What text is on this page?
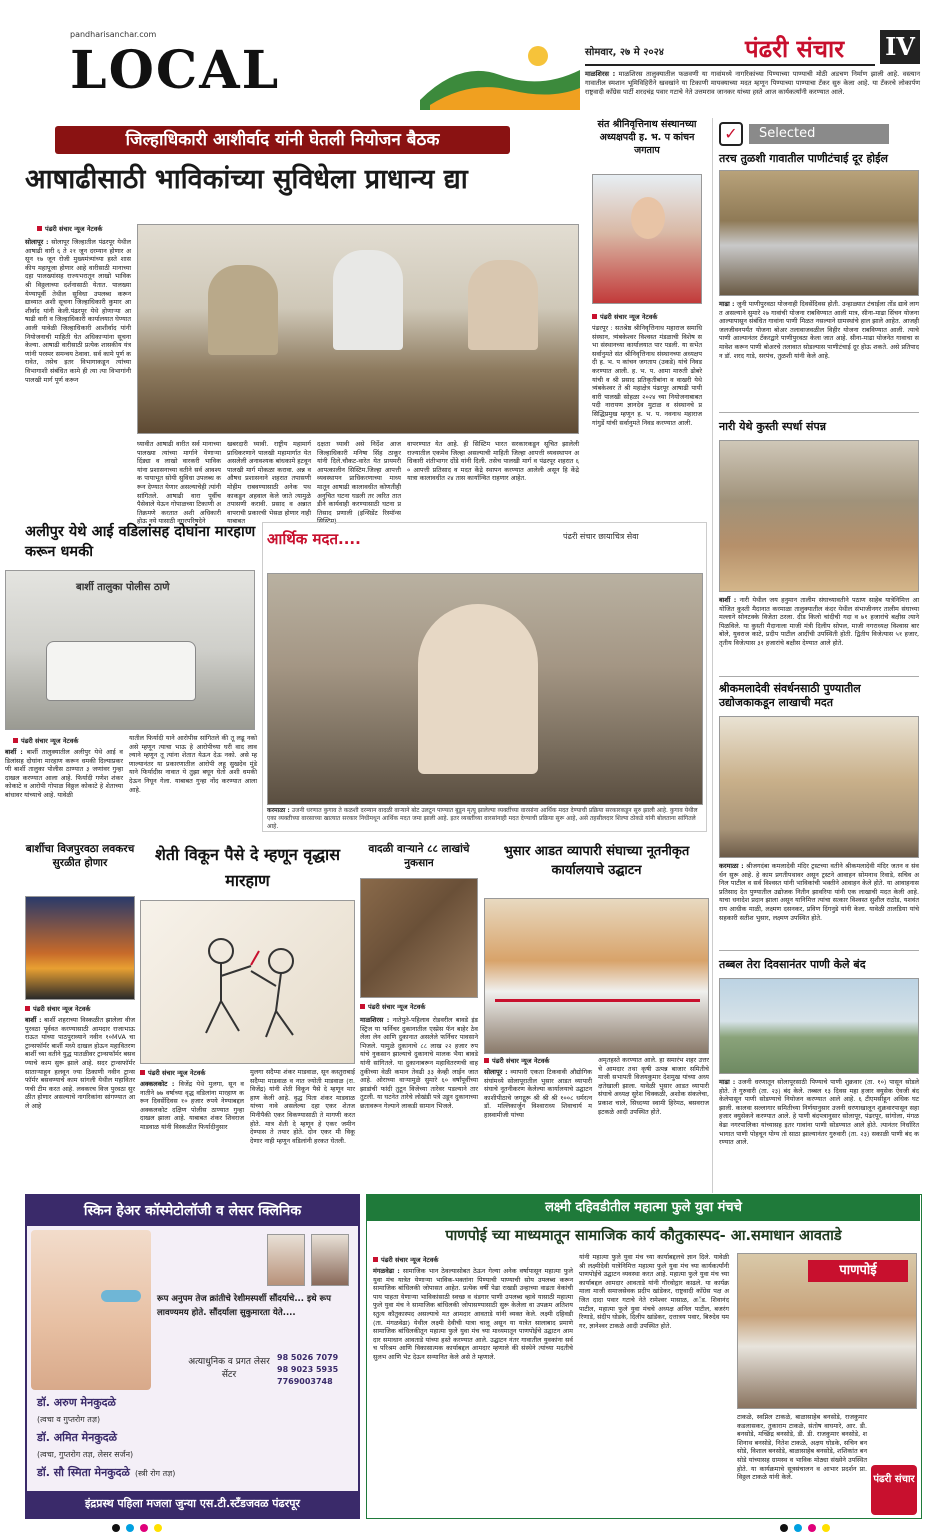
pandharisanchar.com
LOCAL	सोमवार, २७ मे २०२४	पंढरी संचार IV
माळशिरस : माळशिरस तालुक्यातील फळवणी या गावांमध्ये नागरिकांच्या पिण्याच्या पाण्याची मोठी अडचण निर्माण झाली आहे. वस्त्यान गावातील स्मशान भूमिविहिरीने खवखांने या टिकाणी मायक्याच्या मदत म्हणून पिण्याच्या पाण्याचा टँकर सुरु केला आहे. या टँकरचे लोकार्पण राष्ट्रवादी कॉंग्रेस पार्टी शरदचंद्र पवार गटाचे नेते उत्तमराव जानकर यांच्या हस्ते आज कार्यकर्त्यांनी करण्यात आले.
जिल्हाधिकारी आशीर्वाद यांनी घेतली नियोजन बैठक
आषाढीसाठी भाविकांच्या सुविधेला प्राधान्य द्या
पंढरी संचार न्यूज नेटवर्क
सोलापूर : सोलापूर जिल्हातील पंढरपूर येथील आषाढी वारी ६ ते २१ जून दरम्यान होणार असून १७ जून रोजी मुख्यमंत्र्यांच्या हस्ते शासकीय महापूजा होणार आहे वारीसाठी मानाच्या दहा पालख्यांसह राज्यभरातून लाखो भाविक श्री विठ्ठलाच्या दर्शनासाठी येतात. पालख्या येण्यापूर्वी तेथील सुविधा उपलब्ध करून द्याव्यात अशी सूचना जिल्हाधिकारी कुमार आशीर्वाद यांनी केली.पंढरपूर येथे होणाऱ्या आषाढी वारी व जिल्हाधिकारी कार्यालयात घेण्यात आली यावेळी जिल्हाधिकारी आशीर्वाद यांनी नियोजनाची माहिती घेत अधिकाऱ्यांना सूचना केल्या. आषाढी वारीसाठी प्रत्येक शासकीय यंत्रणांनी परस्पर समन्वय ठेवावा. सर्व कामे पूर्ण करावेत, तसेच इतर विभागाकडून त्यांच्या विभागाशी संबंधित कामे ही त्या त्या विभागांनी पालखी मार्ग पूर्ण करून
घ्यावीत आषाढी वारीत सर्व मानाच्या पालख्या त्यांच्या मार्गाने येणाऱ्या दिंड्या व लाखो वारकरी भाविक यांना प्रशासनाच्या वतीने सर्व आवश्यक पायाभूत सोयी सुविधा उपलब्ध करून देण्यात येणार असल्याचेही त्यांनी सांगितले. आषाढी वारा पूर्वीच पैसेवाले येऊन गोपाळच्या टिकाणी अतिक्रमणे करतात अशी अधिकारी होऊ नये यासाठी नगरपरिषदेने
खबरदारी घ्यावी. राष्ट्रीय महामार्ग प्राधिकरणाने पालखी महामार्गात येत असलेली अनावश्यक बांधकामे हटवून पालखी मार्ग मोकळा करावा. अन्न व औषध प्रशासनाने शहरात तपासणी मोहीम राबवण्यासाठी अनेक पथकाकडून अहवाल केले जाते त्यामुळे तपासणी करावी. प्रसाद व अन्नात वापराची प्रकारची भेसळ होणार नाही याबाबत
दक्षता घ्यावी असे निर्देश आज जिल्हाधिकारी मनिषा सिंह ठाकूर यांनी दिले.चौकट-वारेत येत प्रायमरी आपत्कालीन सिस्टिम.जिल्हा आपत्ती व्यवस्थापन प्राधिकरणाच्या माध्यमातून आषाढी कालावधीत कोणतीही अनुचित घटना घडली तर त्वरित तातडीने कार्यवाही करण्यासाठी घटना प्रतिसाद प्रणाली (इन्सिडेंट रिस्पॉन्स सिस्टिम)
वापरण्यात येत आहे. ही सिस्टिम भारत सरकारकडून सूचित झालेली राज्यातील एकमेव जिल्हा असल्याची माहिती जिल्हा आपत्ती व्यवस्थापन अधिकारी शंतीभागर दोंडे यांनी दिली. तसेच पालखी मार्ग व पंढरपूर शहरात ६० आपत्ती प्रतिसाद व मदत केंद्रे स्थापन करण्यात आलेली असून हि केंद्रे यात्रा कालावधीत २४ तास कार्यान्वित राहणार आहेत.
संत श्रीनिवृत्तिनाथ संस्थानच्या अध्यक्षपदी ह. भ. प कांचन जगताप
पंढरी संचार न्यूज नेटवर्क
पंढरपूर : सतश्रेष्ठ श्रीनिवृत्तिनाथ महाराज समाधि संस्थान, त्र्यंबकेश्वर विश्वस्त मंडळाची विशेष सभा संस्थानच्या कार्यालयात पार पडली. या सभेत सर्वानुमते संत श्रीनिवृत्तिनाथ संस्थानच्या अध्यक्षपदी ह. भ. प कांचन जगताप (उकडे) यांचे निवड करण्यात आली. ह. भ. प. आमा मारुती ढोबरे यांची व श्री प्रसाद प्रतिकृतीबांना व वाखरी येथे त्र्यंबकेश्वर ते श्री महाक्षेत्र पंढरपूर आषाढी पायी वारी पालखी सोहळा २०२४ च्या नियोजनाबाबत पदी नारायण ज्ञानदेव मुटाळ व संस्थानचे प्रसिद्धिप्रमुख म्हणून ह. भ. प. नवनाथ महाराज गांगुर्डे यांची सर्वानुमते निवड करण्यात आली.
✓	Selected
तरच तुळशी गावातील पाणीटंचाई दूर होईल
माढा : जुनी पाणीपुरवठा योजनाही दिवसेंदिवस होती. उन्हाळ्यात टंचाईला तोंड द्यावे लागत असल्याने सुमारे २७ गावांची योजना राबविण्यात आली मात्र, सीना-माढा सिंचन योजना आल्यापासून संबंधित गावांना पाणी मिळत नसल्याने ग्रामस्थांचे हाल झाले आहेत. आजही जलजीवनपर्यंत योजना बोअर तलावाजवळील विहीर योजना राबविण्यात आली. त्याचे पाणी आल्यानंतर टँकरद्वारे पाणीपुरवठा केला जात आहे. सीना-माढा योजनेत गावाचा समावेश करून पाणी बोअरचे तलावात सोडल्यास पाणीटंचाई दूर होऊ शकते. असे प्रतिपादन डॉ. शरद गाडे, सरपंच, तुळशी यांनी केले आहे.
नारी येथे कुस्ती स्पर्धा संपन्न
बार्शी : नारी येथील जय हनुमान तालीम संघाच्यावतीने पठाण साहेब यात्रेनिमित्त आयोजित कुस्ती मैदानात करमाळा तालुक्यातील कंदर येथील संभाजीनगर तालीम संघाच्या मल्लाने सोनटक्के विजेता ठरला. दीड किलो चांदीची गदा व ७१ हजारांचे बक्षीस त्याने पिळविले. या कुस्ती मैदानाला माजी मंत्री दिलीप सोपल, माजी नगराध्यक्ष विश्वास बारबोले, युवराज काटे, प्रदीप पाटील आदींची उपस्थिती होती. द्वितीय विजेत्यास ५१ हजार, तृतीय विजेत्यास ३१ हजारांचे बक्षीस देण्यात आले होते.
श्रीकमलादेवी संवर्धनसाठी पुण्यातील उद्योजकाकडून लाखाची मदत
करमाळा : श्रीजगदंबा कमलादेवी मंदिर ट्रस्टच्या वतीने श्रीकमलादेवी मंदिर जतन व संवर्धन सुरू आहे. हे काम प्रगतीपथावर असून ट्रस्टने आवाहन सोमनाथ रिवाडे, सचिव अनिल पाटील व सर्व विश्वस्त यांनी भाविकांची भक्तीने आवाहन केले होते. या आवाहनास प्रतिसाद देत पुण्यातील उद्योजक नितीन झावरिया यांनी एक लाखाची मदत केली आहे. याचा धनादेश प्रदान झाला असून यानिमित्त त्यांचा सत्कार विश्वस्त सुशील राठोड, यशवंतराय आधीक माळी, लक्ष्मण दसनकर, प्रविण दिंगनुडे यांनी केला. यावेळी तालडिया यांचे सहकारी सतीश भुसार, लक्ष्मण उपस्थित होते.
तब्बल तेरा दिवसानंतर पाणी केले बंद
माढा : उजनी धरणातून सोलापूरसाठी पिण्याचे पाणी शुक्रवार (ता. १०) पासून सोडले होते. ते गुरुवारी (ता. २३) बंद केले. तब्बल १३ दिवस महा हजार क्युसेक ऐवजी बंद केलेपासून पाणी सोडण्याचे नियोजन करण्यात आले आहे. ६ टीएमसीहून अधिक घट झाली. कालवा सल्लागार समितीच्या निर्णयानुसार उजनी धरणाखालून शुक्रवारपासून सहा हजार क्युसेकने करण्यात आले. हे पाणी बंदपत्रानुसार सोलापूर, पंढरपूर, सांगोला, मंगळवेढा नगरपालिका यांच्यासह इतर गावांना पाणी सोडण्यात आले होते. त्यानंतर निर्धारित भागात पाणी पोहचून योग्य तो साठा झाल्यानंतर गुरुवारी (ता. २३) सकाळी पाणी बंद करण्यात आले.
अलीपुर येथे आई वडिलांसह दोघांना मारहाण करून धमकी
बार्शी तालुका पोलीस ठाणे
पंढरी संचार न्यूज नेटवर्क
बार्शी : बार्शी तालुक्यातील अलीपुर येथे आई वडिलांसह दोघांना मारहाण करून धमकी दिल्याप्रकरणी बार्शी तालुका पोलीस ठाण्यात ३ जणांवर गुन्हा दाखल करण्यात आला आहे. फिर्यादी गणेश शंकर कोकाटे व आरोपी गोपाळ विठ्ठल कोकाटे हे शेताच्या बांधावर यांच्याचे आहे. यावेळी
यातील फिर्यादी याने आरोपीस सांगितले की तू लढू नको असे म्हणून त्याचा भाऊ हे आरोपीच्या घरी वाद लावल्याने म्हणून तू त्यांना शेतात येऊन देऊ नको. असे म्हणाल्यानंतर या प्रकारणातील आरोपी लहू सुखदेव मुंडे याने फिर्यादीस नावात ये तुझा बघून घेतो अशी धमकी देऊन निघून गेला. याबाबत गुन्हा नोंद करण्यात आला आहे.
आर्थिक मदत....	पंढरी संचार छायाचित्र सेवा
करमाळा : उजनी धरणात कुगाव ते कळशी दरम्यान वादळी वाऱ्याने बोट उलटून पाण्यात बुडून मृत्यू झालेल्या व्यक्तींच्या वारसांना आर्थिक मदत देण्याची प्रक्रिया सरकारकडून सुरु झाली आहे. कुगाव येथील एका व्यक्तीच्या वारसाच्या खात्यात सरकार निधीमधून आर्थिक मदत जमा झाली आहे. इतर व्यक्तींच्या वारसांनाही मदत देण्याची प्रक्रिया सुरू आहे, असे तहसीलदार शिल्पा ठोकडे यांनी बोलताना सांगितले आहे.
बार्शीचा विजपुरवठा लवकरच सुरळीत होणार
पंढरी संचार न्यूज नेटवर्क
बार्शी : बार्शी शहराच्या विस्कळीत झालेला वीजपुरवठा पूर्ववत करण्यासाठी आमदार राजाभाऊ राऊत यांच्या पाठपुराव्याने नवीन १०MVA चा ट्रान्सफॉर्मर बार्शी मध्ये दाखल होऊन महावितरण बार्शी च्या वतीने युद्ध पातळीवर ट्रान्सफॉर्मर बसवण्याचे काम सुरू झाले आहे. सदर ट्रान्सफॉर्मर साताऱ्याहून हलवून ज्या ठिकाणी नवीन ट्रान्सफॉर्मर बसवण्याचे काम सांगली येथील महावितरणची टीम करत आहे. लवकरच विज पुरवठा सुरळीत होणार असल्याचे नागरिकांना सांगण्यात आले आहे
शेती विकून पैसे दे म्हणून वृद्धास मारहाण
पंढरी संचार न्यूज नेटवर्क
अक्कलकोट : विजेंद्र येथे मुलगा, सून व नातीने ७७ वर्षाच्या वृद्ध वडिलांना मारहाण करून दिवसेंदिवस १० हजार रुपये नेण्याबद्दल अक्कलकोट दक्षिण पोलीस ठाण्यात गुन्हा दाखल झाला आहे. याबाबत शंकर शिवराज माडवाळ यांनी विस्कळीत फिर्यादीनुसार
मुलगा सदैप्पा शंकर माडवाळ, सून कस्तुराबाई सदैप्पा माडवाळ व नात ज्योती माडवाळ (रा. विजेंद्र) यांनी शेती विकून पैसे दे म्हणून मारहाण केली आहे. वृद्ध पिता शंकर माडवाळ यांच्या नावे असलेल्या दहा एकर शेतजमिनीपैकी एकर विकण्यासाठी ते मागणी करत होते. मात्र शेती दे म्हणून हे एकर जमीन देण्यास ते तयार होते. दोन एकर मी विकू देणार नाही म्हणून वडिलांनी हरकत घेतली.
वादळी वाऱ्याने ८८ लाखांचे नुकसान
पंढरी संचार न्यूज नेटवर्क
माळशिरस : नातेपुते-पहिलाव रोडवरील बावडे इंडस्ट्रिज या फर्निचर दुकानातील एस्प्रेस फॅन बाहेर ठेवलेला लेन आणि दुकानात असलेले फर्निचर पावसाने भिजले. यामुळे दुकानाचे ८८ लाख २२ हजार रुपयांचे नुकसान झाल्याचे दुकानाचे मालक भैया बावडे यांनी सांगितले. या दुकानाबरून महावितरणची वाहतुकीच्या वेळी कमान तेवढी ३३ केव्ही लाईन जात आहे. ओराच्या वाऱ्यामुळे सुमारे ६० वर्षांपूर्वीच्या झाडांची फांदी तुटून विजेच्या तारेवर पडल्याने तार तुटली. या घटनेत तारेचे लोखंडी पत्रे उडून दुकानाच्या छतावरून गेल्याने लाकडी सामान भिजले.
भुसार आडत व्यापारी संघाच्या नूतनीकृत कार्यालयाचे उद्घाटन
पंढरी संचार न्यूज नेटवर्क
सोलापूर : व्यापारी एकता टिकवावी औद्योगिक संघांमध्ये सोलापूरातील भुसार आडत व्यापारी संघाचे नूतनीकरण केलेल्या कार्यालयाचे उद्घाटन काशीपीठाचे जगद्गुरू श्री श्री श्री १००८ धर्मरत्न डॉ. मल्लिकार्जुन विश्वाराध्य शिवाचार्य महास्वामीजी यांच्या
अमृतहस्ते करण्यात आले. हा समारंभ शहर उत्तरचे आमदार तथा कृषी उत्पन्न बाजार समितीचे माजी सभापती विजयकुमार देशमुख यांच्या अध्यक्षतेखाली झाला. यावेळी भुसार आडत व्यापारी संघाचे अध्यक्ष सुरेश चिक्कळी, अशोक संकलेचा, प्रकाश चाले, सिध्दय्या स्वामी हिरेमठ, बसवराज इटकळे आदी उपस्थित होते.
स्किन हेअर कॉस्मेटोलॉजी व लेसर क्लिनिक
रूप अनुपम तेज क्रांतीचे रेशीमस्पर्शी सौंदर्याचे... इथे रूप लावण्यमय होते. सौंदर्याला सुकुमारता येते....
अत्याधुनिक व प्रगत लेसर सेंटर
98 5026 7079
98 9023 5935
7769003748
डॉ. अरुण मेनकुदळे
(त्वचा व गुप्तरोग तज्ञ)
डॉ. अमित मेनकुदळे
(त्वचा, गुप्तरोग तज्ञ, लेसर सर्जन)
डॉ. सौ स्मिता मेनकुदळे (स्त्री रोग तज्ञ)
इंद्रप्रस्थ पहिला मजला जुन्या एस.टी.स्टँडजवळ पंढरपूर
लक्ष्मी दहिवडीतील महात्मा फुले युवा मंचचे
पाणपोई च्या माध्यमातून सामाजिक कार्य कौतुकास्पद- आ.समाधान आवताडे
पंढरी संचार न्यूज नेटवर्क
मंगळवेढा : सामाजिक भान ठेवल्यासोबत ठेऊन गेल्या अनेक वर्षापासून महात्मा फुले युवा मंच यात्रेत येणाऱ्या भाविक-भक्तांना पिण्याची पाण्याची सोय उपलब्ध करून सामाजिक बांधिलकी जोपासत आहेत. प्रत्येक वर्षी पेढा राखडी उन्हाच्या वाढता वेकांची पाय पाहता येणाऱ्या भाविकांसाठी स्वच्छ व थंडगार पाणी उपलब्ध व्हावे यासाठी महात्मा फुले युवा मंच ने सामाजिक बांधिलकी जोपासण्यासाठी सुरू केलेला वा उपक्रम अतिशय स्तुत्य कौतुकास्पद असल्याचे मत आमदार आवताडे यांनी व्यक्त केले. लक्ष्मी दहिवडी (ता. मंगळवेढा) येथील लक्ष्मी देवीची यात्रा चालू असून या यात्रेत सालाबाद प्रमाणे सामाजिक बांधिलकीतून महात्मा फुले युवा मंच च्या माध्यमातून पाणपोईचे उद्घाटन आमदार समाधान आवताडे यांच्या हस्ते करण्यात आले. उद्घाटन नंतर गावातील युवकांना सर्वच परिश्रम आणि विकासात्मक कार्याबद्दल आमदार म्हणाले की संस्थेने त्यांच्या मदतीचे सुलभ आणि भेट देऊन सन्मानित केले असे ते म्हणाले.
यांनी महात्मा फुले युवा मंच च्या कार्याबद्दलचे ज्ञान दिले. यावेळी श्री लक्ष्मीदेवी यात्रेनिमित्त महात्मा फुले युवा मंच च्या कार्यकर्त्यांनी पाणपोईचे उद्घाटन व्यवस्था करत आहे. महात्मा फुले युवा मंच च्या कार्याबद्दल आमदार आवताडे यांनी गौरवोद्गार काढले. या कार्यक्रमाला माजी समाजसेवक प्रदीप खांडेकर, राष्ट्रवादी कॉंग्रेस पक्ष अजित दादा पवार गटाचे नेते रामेश्वर मासाळ, अॅड. शिवानंद पाटील, महात्मा फुले युवा मंचचे अध्यक्ष अनिल पाटील, बजरंग रिणाडे, संदीप घोडके, दिलीप खांडेकर, दत्तात्रय पवार, बिरुदेव यमगर, ज्ञानेश्वर टाकळे आदी उपस्थित होते.
पाणपोई
टाकळे, स्वप्निल टाकळे, बाळासाहेब बनसोडे, राजकुमार कडलासकर, तुकाराम टाकळे, संतोष वाघमारे, आर. डी. बनसोडे, मच्छिंद्र बनसोडे, डी. डी. राजकुमार बनसोडे, शशिनाथ बनसोडे, नितेश टाकळे, अक्षय घोडके, सचिन बनसोडे, विशाल बनसोडे, बाळासाहेब बनसोडे, शशिकांत बनसोडे यांच्यासह ग्रामस्थ व भाविक मोठ्या संख्येने उपस्थित होते. या कार्यक्रमाचे सूत्रसंचालन व आभार प्रदर्शन प्रा. विठ्ठल टाकळे यांनी केले.	पंढरी संचार
